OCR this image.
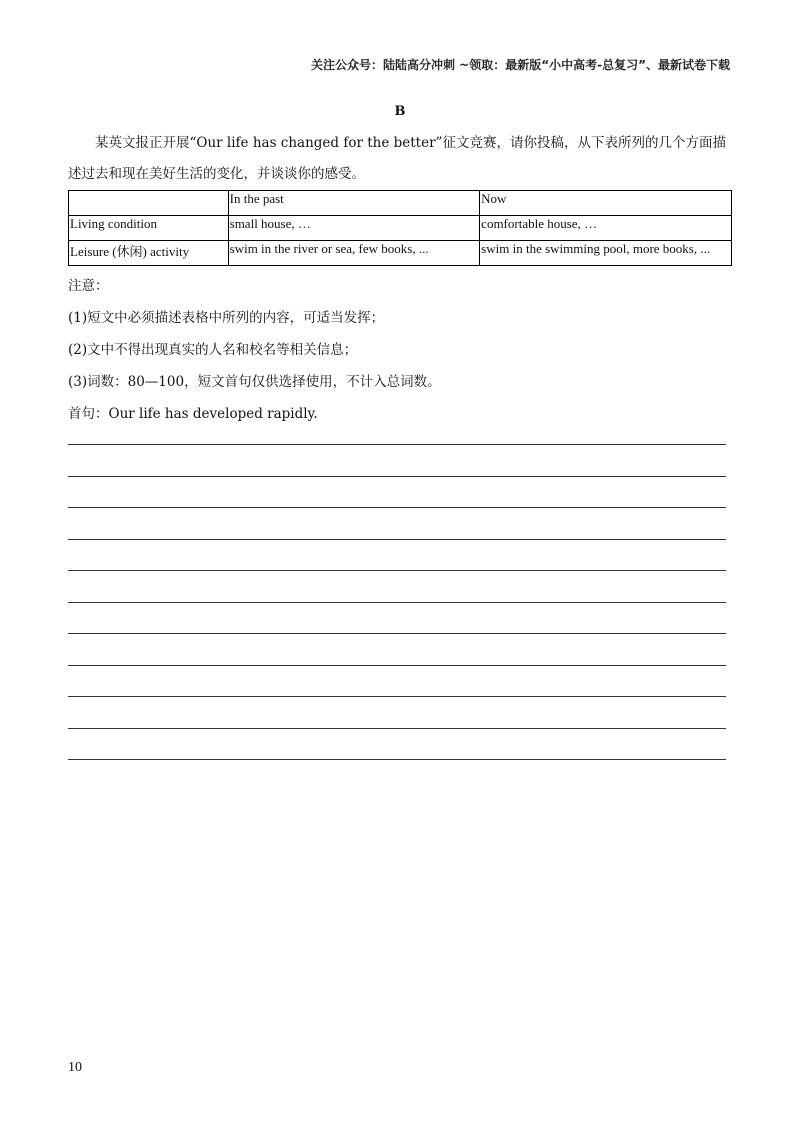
关注公众号：陆陆高分冲刺 ~领取：最新版“小中高考-总复习”、最新试卷下载
B
某英文报正开展“Our life has changed for the better”征文竞赛，请你投稿，从下表所列的几个方面描述过去和现在美好生活的变化，并谈谈你的感受。
	In the past	Now
Living condition	small house, …	comfortable house, …
Leisure (休闲) activity	swim in the river or sea, few books, ...	swim in the swimming pool, more books, ...
注意：
(1)短文中必须描述表格中所列的内容，可适当发挥；
(2)文中不得出现真实的人名和校名等相关信息；
(3)词数：80—100，短文首句仅供选择使用，不计入总词数。
首句：Our life has developed rapidly.
10
